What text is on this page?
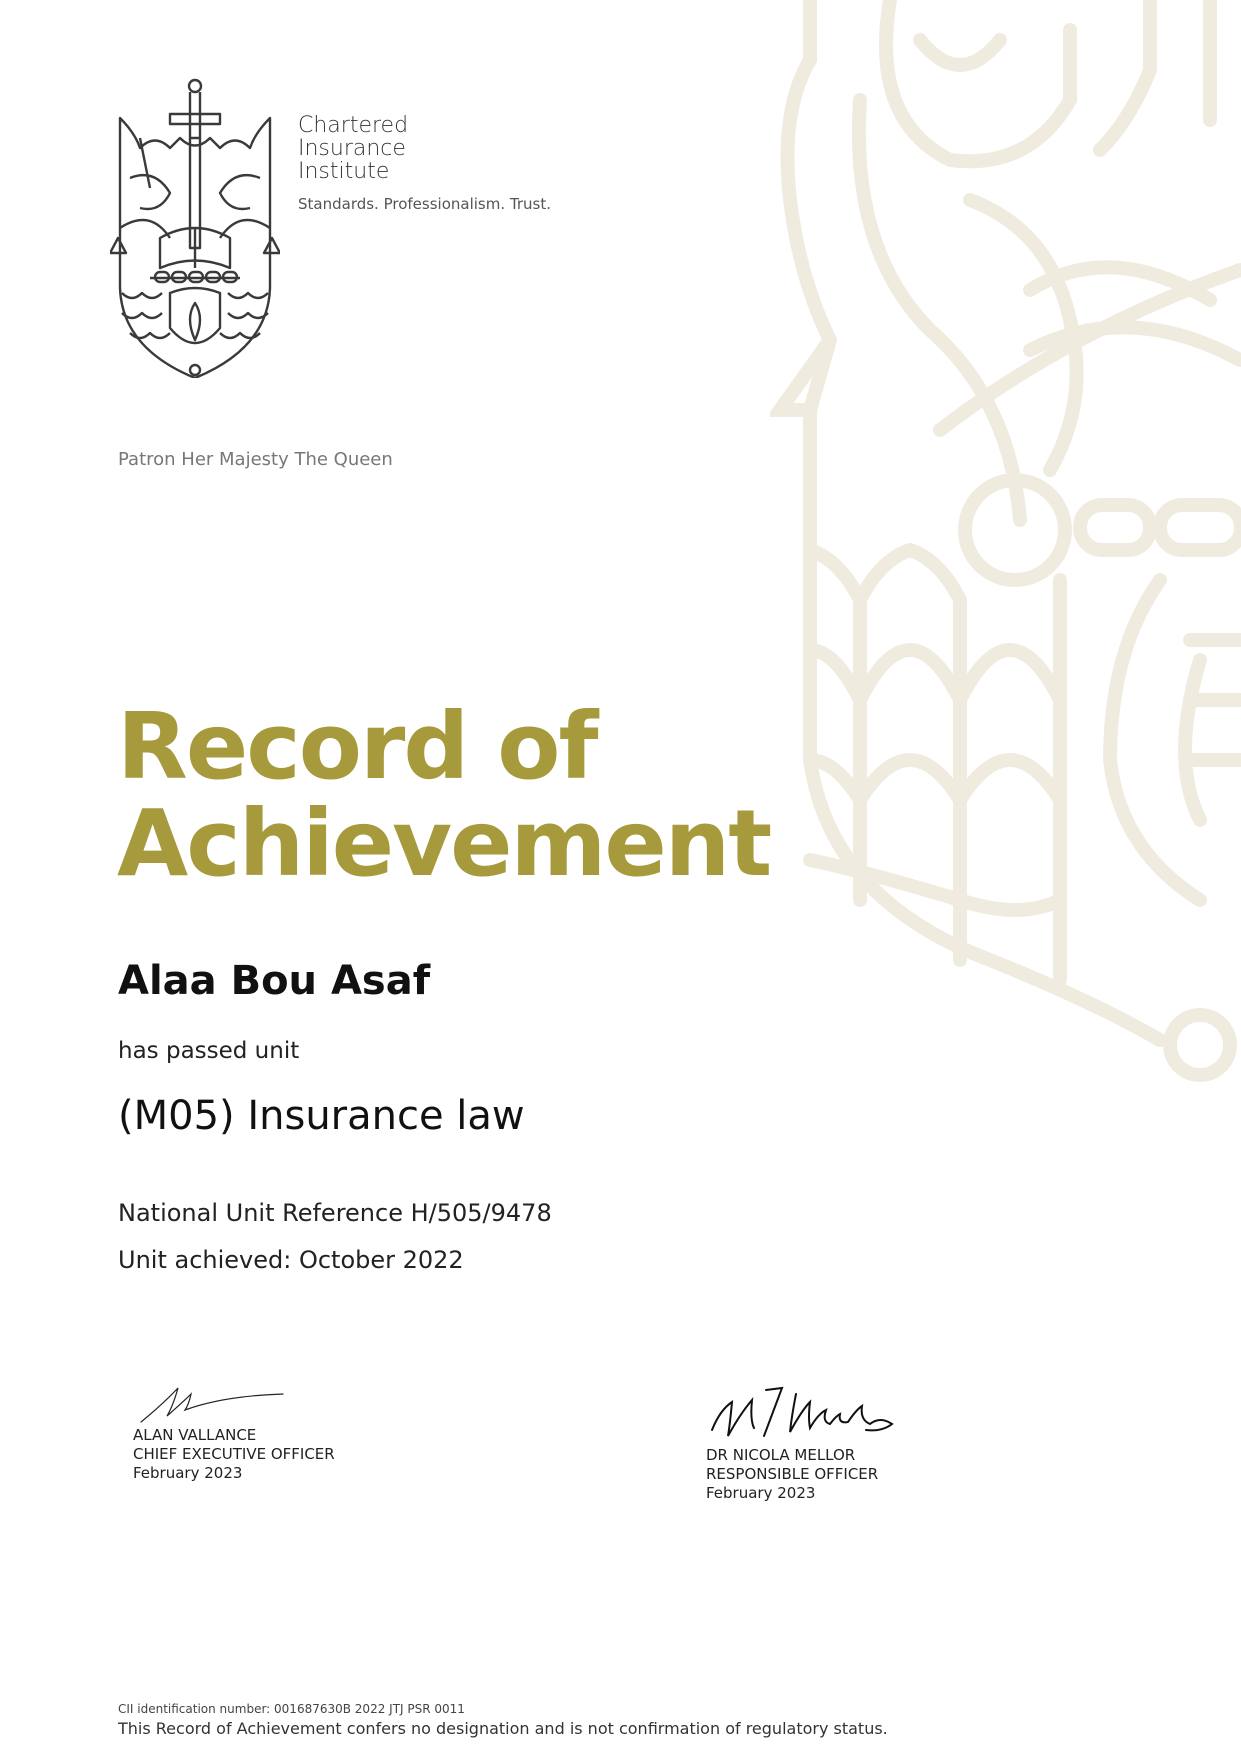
Chartered
Insurance
Institute
Standards. Professionalism. Trust.
Patron Her Majesty The Queen
Record of
Achievement
Alaa Bou Asaf
has passed unit
(M05) Insurance law
National Unit Reference H/505/9478
Unit achieved: October 2022
ALAN VALLANCE
CHIEF EXECUTIVE OFFICER
February 2023
DR NICOLA MELLOR
RESPONSIBLE OFFICER
February 2023
CII identification number: 001687630B 2022 JTJ PSR 0011
This Record of Achievement confers no designation and is not confirmation of regulatory status.
